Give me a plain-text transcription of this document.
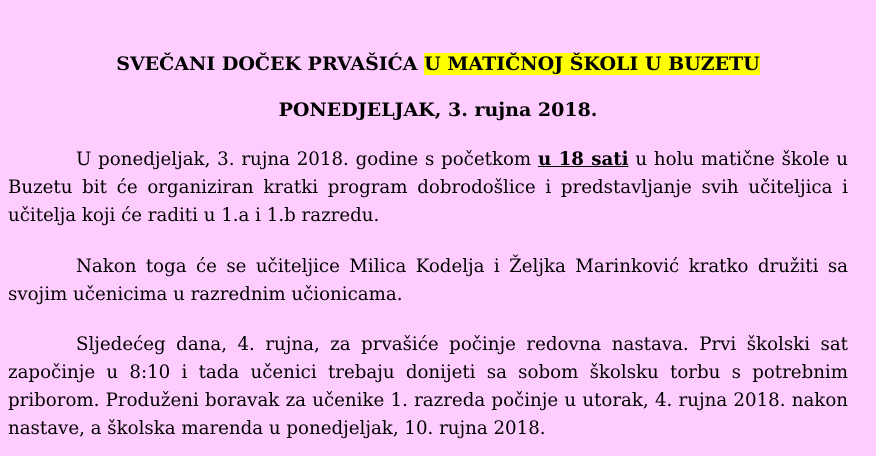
SVEČANI DOČEK PRVAŠIĆA U MATIČNOJ ŠKOLI U BUZETU
PONEDJELJAK, 3. rujna 2018.

U ponedjeljak, 3. rujna 2018. godine s početkom u 18 sati u holu matične škole u Buzetu bit će organiziran kratki program dobrodošlice i predstavljanje svih učiteljica i učitelja koji će raditi u 1.a i 1.b razredu.

Nakon toga će se učiteljice Milica Kodelja i Željka Marinković kratko družiti sa svojim učenicima u razrednim učionicama.

Sljedećeg dana, 4. rujna, za prvašiće počinje redovna nastava. Prvi školski sat započinje u 8:10 i tada učenici trebaju donijeti sa sobom školsku torbu s potrebnim priborom. Produženi boravak za učenike 1. razreda počinje u utorak, 4. rujna 2018. nakon nastave, a školska marenda u ponedjeljak, 10. rujna 2018.
